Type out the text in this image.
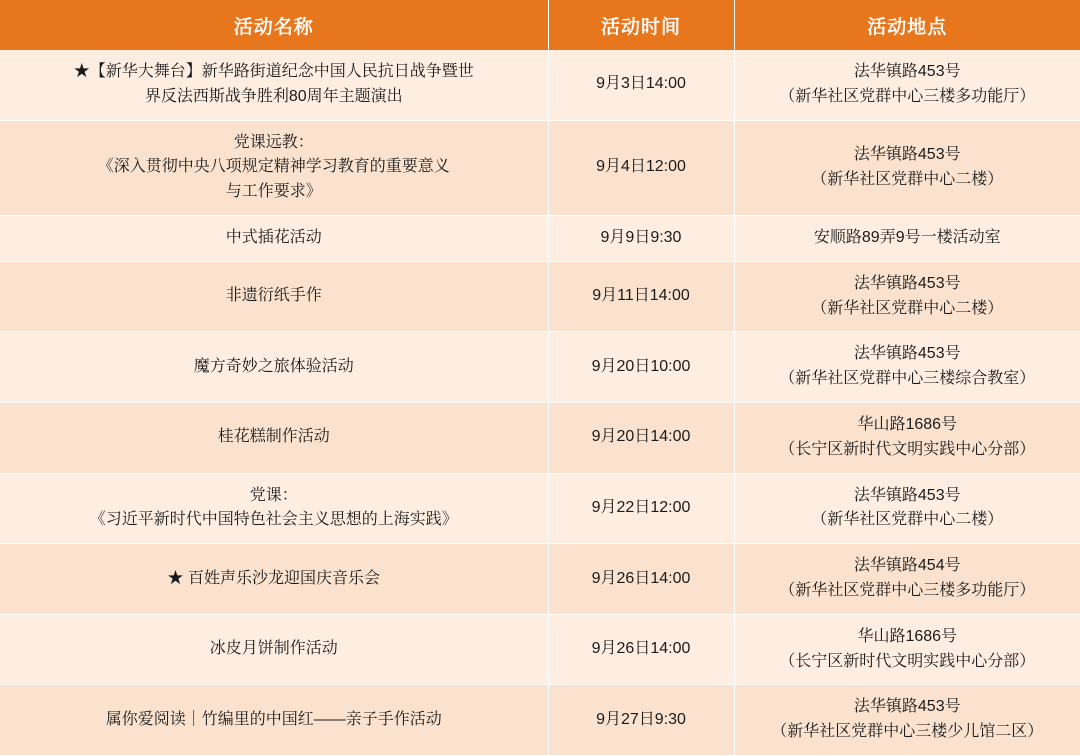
活动名称	活动时间	活动地点

★【新华大舞台】新华路街道纪念中国人民抗日战争暨世
界反法西斯战争胜利80周年主题演出	9月3日14:00	法华镇路453号
（新华社区党群中心三楼多功能厅）

党课远教：
《深入贯彻中央八项规定精神学习教育的重要意义
与工作要求》	9月4日12:00	法华镇路453号
（新华社区党群中心二楼）

中式插花活动	9月9日9:30	安顺路89弄9号一楼活动室

非遗衍纸手作	9月11日14:00	法华镇路453号
（新华社区党群中心二楼）

魔方奇妙之旅体验活动	9月20日10:00	法华镇路453号
（新华社区党群中心三楼综合教室）

桂花糕制作活动	9月20日14:00	华山路1686号
（长宁区新时代文明实践中心分部）

党课：
《习近平新时代中国特色社会主义思想的上海实践》	9月22日12:00	法华镇路453号
（新华社区党群中心二楼）

★ 百姓声乐沙龙迎国庆音乐会	9月26日14:00	法华镇路454号
（新华社区党群中心三楼多功能厅）

冰皮月饼制作活动	9月26日14:00	华山路1686号
（长宁区新时代文明实践中心分部）

属你爱阅读｜竹编里的中国红——亲子手作活动	9月27日9:30	法华镇路453号
（新华社区党群中心三楼少儿馆二区）
